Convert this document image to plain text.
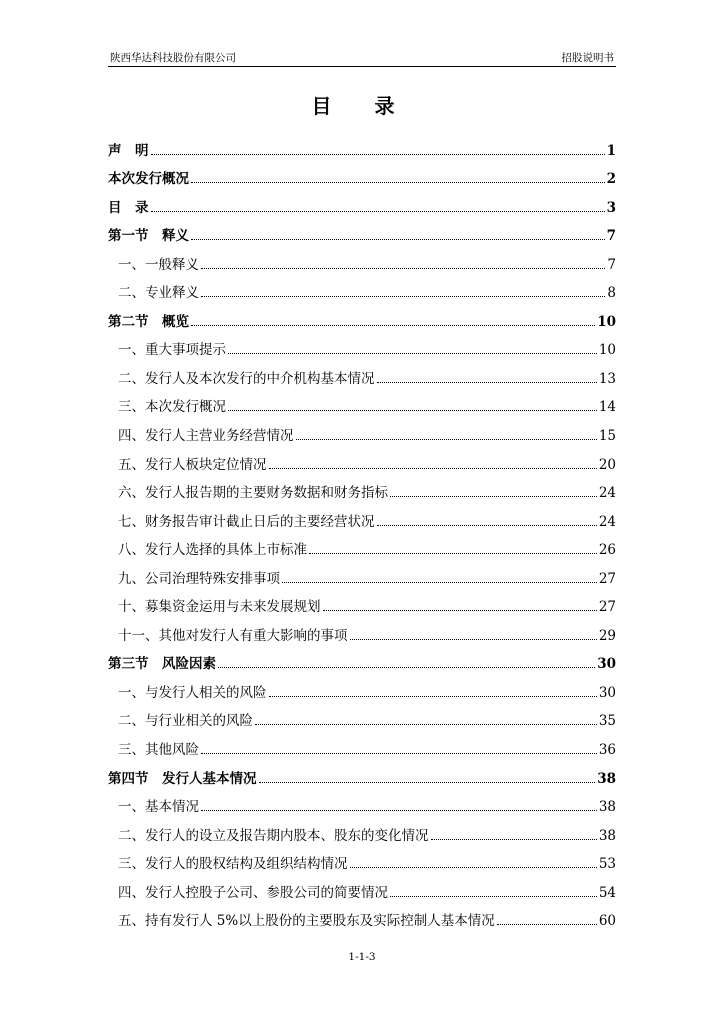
陕西华达科技股份有限公司	招股说明书
目 录
声　明	1
本次发行概况	2
目　录	3
第一节　释义	7
一、一般释义	7
二、专业释义	8
第二节　概览	10
一、重大事项提示	10
二、发行人及本次发行的中介机构基本情况	13
三、本次发行概况	14
四、发行人主营业务经营情况	15
五、发行人板块定位情况	20
六、发行人报告期的主要财务数据和财务指标	24
七、财务报告审计截止日后的主要经营状况	24
八、发行人选择的具体上市标准	26
九、公司治理特殊安排事项	27
十、募集资金运用与未来发展规划	27
十一、其他对发行人有重大影响的事项	29
第三节　风险因素	30
一、与发行人相关的风险	30
二、与行业相关的风险	35
三、其他风险	36
第四节　发行人基本情况	38
一、基本情况	38
二、发行人的设立及报告期内股本、股东的变化情况	38
三、发行人的股权结构及组织结构情况	53
四、发行人控股子公司、参股公司的简要情况	54
五、持有发行人 5%以上股份的主要股东及实际控制人基本情况	60
1-1-3
